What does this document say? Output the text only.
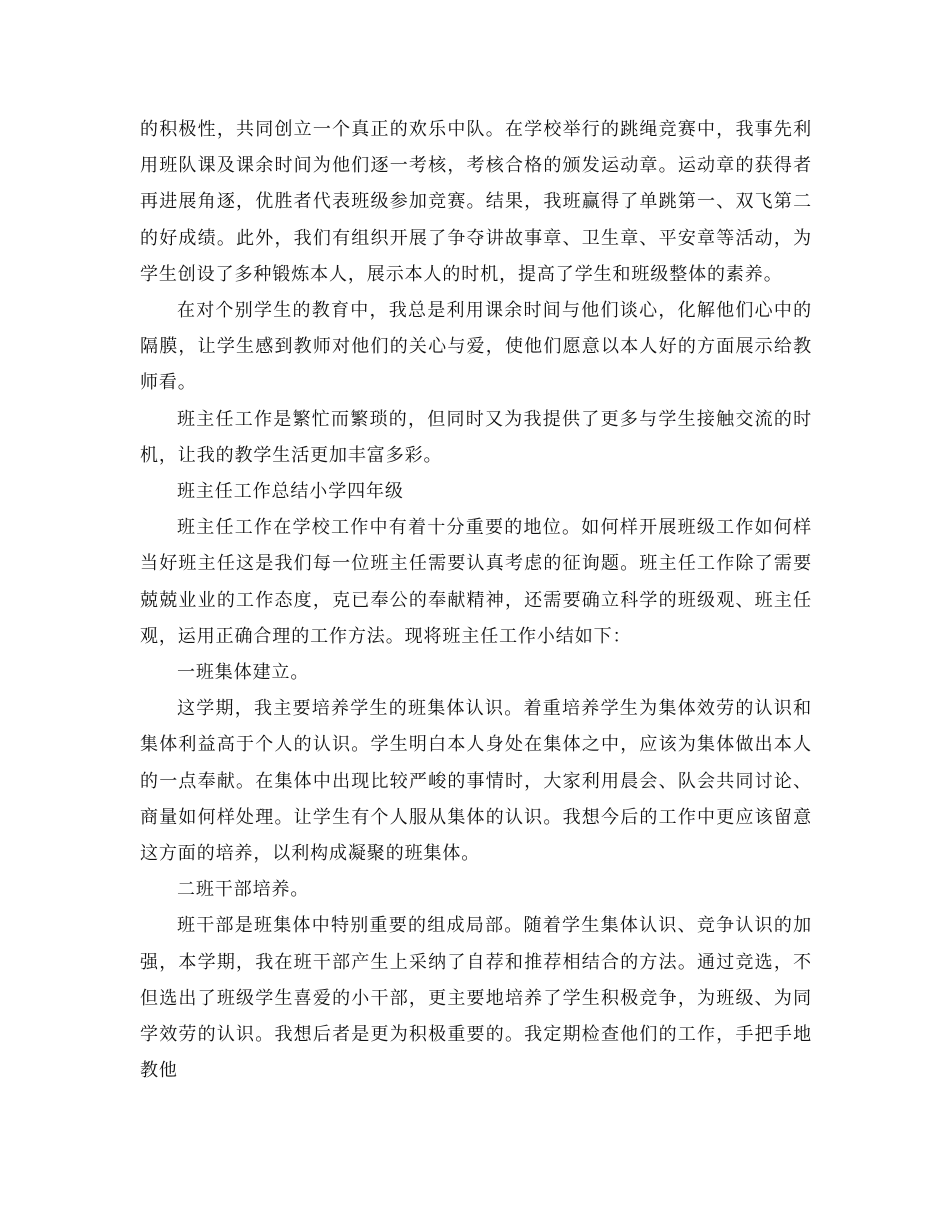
的积极性，共同创立一个真正的欢乐中队。在学校举行的跳绳竞赛中，我事先利用班队课及课余时间为他们逐一考核，考核合格的颁发运动章。运动章的获得者再进展角逐，优胜者代表班级参加竞赛。结果，我班赢得了单跳第一、双飞第二的好成绩。此外，我们有组织开展了争夺讲故事章、卫生章、平安章等活动，为学生创设了多种锻炼本人，展示本人的时机，提高了学生和班级整体的素养。

在对个别学生的教育中，我总是利用课余时间与他们谈心，化解他们心中的隔膜，让学生感到教师对他们的关心与爱，使他们愿意以本人好的方面展示给教师看。

班主任工作是繁忙而繁琐的，但同时又为我提供了更多与学生接触交流的时机，让我的教学生活更加丰富多彩。

班主任工作总结小学四年级

班主任工作在学校工作中有着十分重要的地位。如何样开展班级工作如何样当好班主任这是我们每一位班主任需要认真考虑的征询题。班主任工作除了需要兢兢业业的工作态度，克已奉公的奉献精神，还需要确立科学的班级观、班主任观，运用正确合理的工作方法。现将班主任工作小结如下：

一班集体建立。

这学期，我主要培养学生的班集体认识。着重培养学生为集体效劳的认识和集体利益高于个人的认识。学生明白本人身处在集体之中，应该为集体做出本人的一点奉献。在集体中出现比较严峻的事情时，大家利用晨会、队会共同讨论、商量如何样处理。让学生有个人服从集体的认识。我想今后的工作中更应该留意这方面的培养，以利构成凝聚的班集体。

二班干部培养。

班干部是班集体中特别重要的组成局部。随着学生集体认识、竞争认识的加强，本学期，我在班干部产生上采纳了自荐和推荐相结合的方法。通过竞选，不但选出了班级学生喜爱的小干部，更主要地培养了学生积极竞争，为班级、为同学效劳的认识。我想后者是更为积极重要的。我定期检查他们的工作，手把手地教他
